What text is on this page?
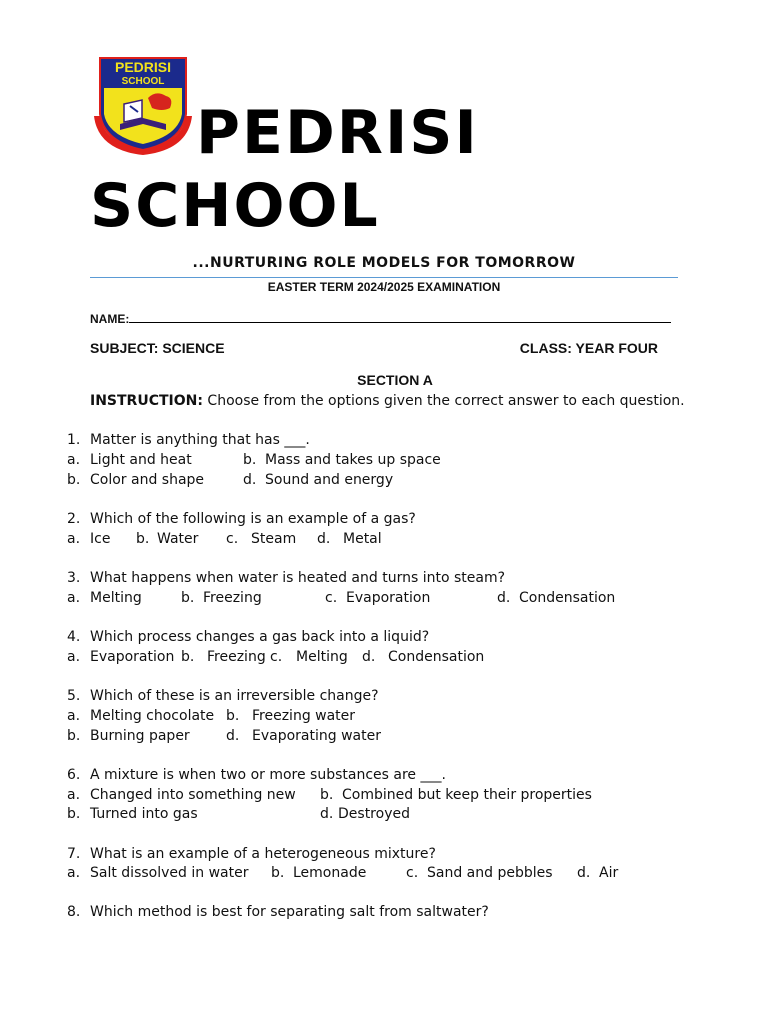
PEDRISI
SCHOOL
PEDRISI
SCHOOL
...NURTURING ROLE MODELS FOR TOMORROW
EASTER TERM 2024/2025 EXAMINATION
NAME:
SUBJECT: SCIENCE	CLASS: YEAR FOUR
SECTION A
INSTRUCTION: Choose from the options given the correct answer to each question.
1. Matter is anything that has ___.
a. Light and heat	b. Mass and takes up space
b. Color and shape	d. Sound and energy
2. Which of the following is an example of a gas?
a. Ice b. Water c. Steam d. Metal
3. What happens when water is heated and turns into steam?
a. Melting	b. Freezing	c. Evaporation	d. Condensation
4. Which process changes a gas back into a liquid?
a. Evaporation b. Freezing c. Melting d. Condensation
5. Which of these is an irreversible change?
a. Melting chocolate b. Freezing water
b. Burning paper	d. Evaporating water
6. A mixture is when two or more substances are ___.
a. Changed into something new b. Combined but keep their properties
b. Turned into gas	d. Destroyed
7. What is an example of a heterogeneous mixture?
a. Salt dissolved in water b. Lemonade	c. Sand and pebbles d. Air
8. Which method is best for separating salt from saltwater?
